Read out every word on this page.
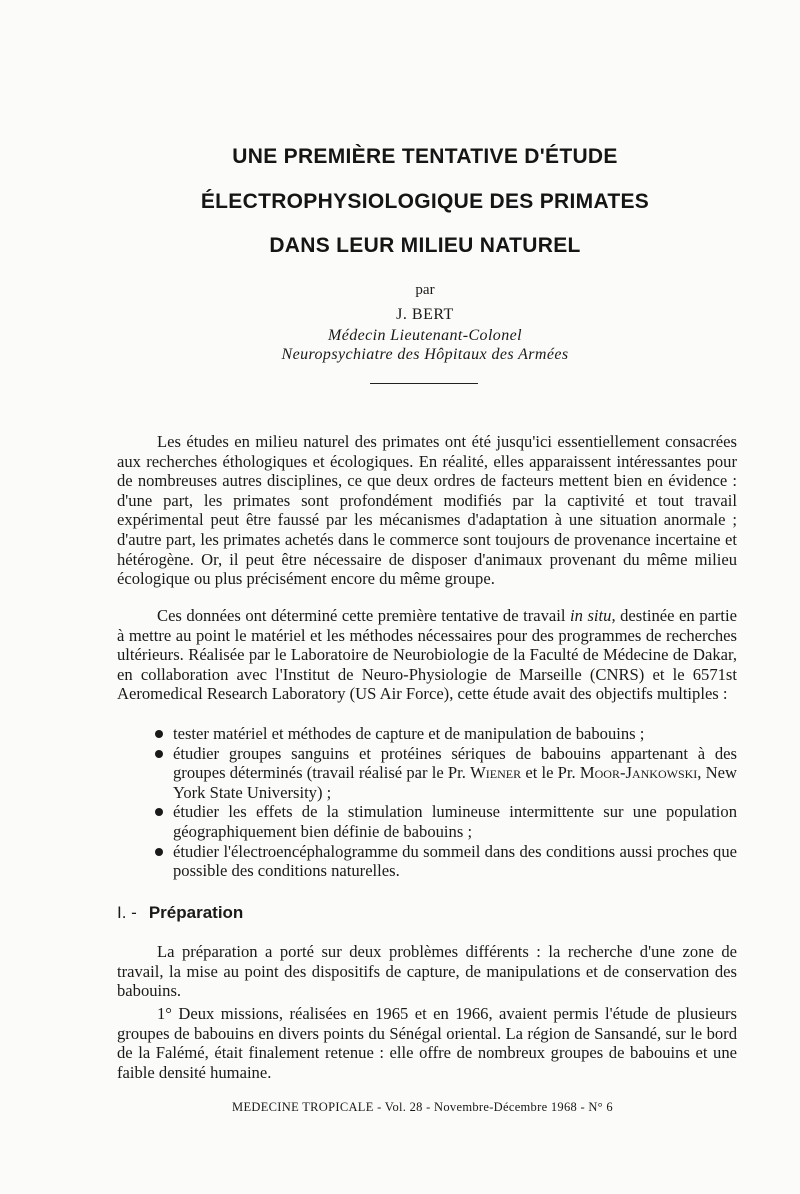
UNE PREMIÈRE TENTATIVE D'ÉTUDE
ÉLECTROPHYSIOLOGIQUE DES PRIMATES
DANS LEUR MILIEU NATUREL
par
J. BERT
Médecin Lieutenant-Colonel
Neuropsychiatre des Hôpitaux des Armées

Les études en milieu naturel des primates ont été jusqu'ici essentiellement consacrées aux recherches éthologiques et écologiques. En réalité, elles apparaissent intéressantes pour de nombreuses autres disciplines, ce que deux ordres de facteurs mettent bien en évidence : d'une part, les primates sont profondément modifiés par la captivité et tout travail expérimental peut être faussé par les mécanismes d'adaptation à une situation anormale ; d'autre part, les primates achetés dans le commerce sont toujours de provenance incertaine et hétérogène. Or, il peut être nécessaire de disposer d'animaux provenant du même milieu écologique ou plus précisément encore du même groupe.

Ces données ont déterminé cette première tentative de travail in situ, destinée en partie à mettre au point le matériel et les méthodes nécessaires pour des programmes de recherches ultérieurs. Réalisée par le Laboratoire de Neurobiologie de la Faculté de Médecine de Dakar, en collaboration avec l'Institut de Neuro-Physiologie de Marseille (CNRS) et le 6571st Aeromedical Research Laboratory (US Air Force), cette étude avait des objectifs multiples :

tester matériel et méthodes de capture et de manipulation de babouins ;
étudier groupes sanguins et protéines sériques de babouins appartenant à des groupes déterminés (travail réalisé par le Pr. Wiener et le Pr. Moor-Jankowski, New York State University) ;
étudier les effets de la stimulation lumineuse intermittente sur une population géographiquement bien définie de babouins ;
étudier l'électroencéphalogramme du sommeil dans des conditions aussi proches que possible des conditions naturelles.
I. - Préparation

La préparation a porté sur deux problèmes différents : la recherche d'une zone de travail, la mise au point des dispositifs de capture, de manipulations et de conservation des babouins.

1° Deux missions, réalisées en 1965 et en 1966, avaient permis l'étude de plusieurs groupes de babouins en divers points du Sénégal oriental. La région de Sansandé, sur le bord de la Falémé, était finalement retenue : elle offre de nombreux groupes de babouins et une faible densité humaine.

MEDECINE TROPICALE - Vol. 28 - Novembre-Décembre 1968 - N° 6
